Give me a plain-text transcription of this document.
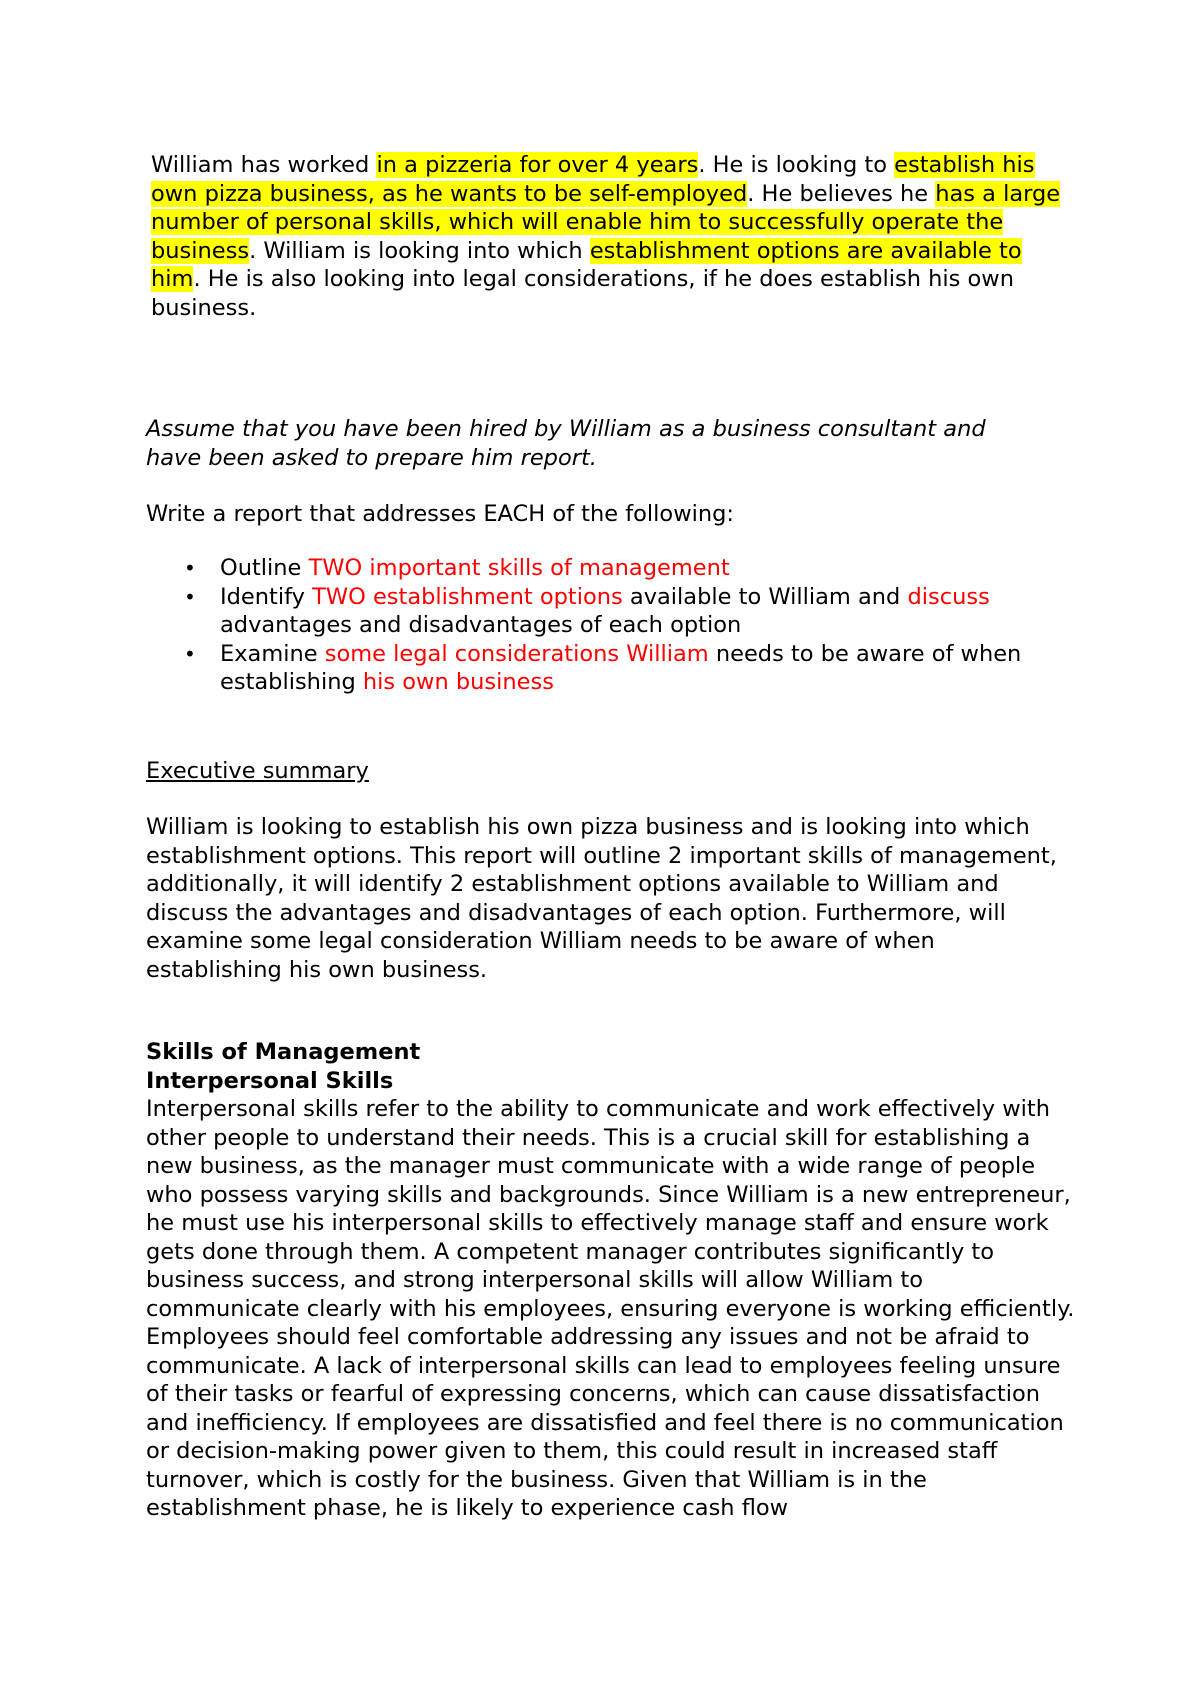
William has worked in a pizzeria for over 4 years. He is looking to establish his own pizza business, as he wants to be self-employed. He believes he has a large number of personal skills, which will enable him to successfully operate the business. William is looking into which establishment options are available to him. He is also looking into legal considerations, if he does establish his own business.

Assume that you have been hired by William as a business consultant and
have been asked to prepare him report.

Write a report that addresses EACH of the following:

• Outline TWO important skills of management
• Identify TWO establishment options available to William and discuss advantages and disadvantages of each option
• Examine some legal considerations William needs to be aware of when establishing his own business

Executive summary

William is looking to establish his own pizza business and is looking into which establishment options. This report will outline 2 important skills of management, additionally, it will identify 2 establishment options available to William and discuss the advantages and disadvantages of each option. Furthermore, will examine some legal consideration William needs to be aware of when establishing his own business.

Skills of Management
Interpersonal Skills

Interpersonal skills refer to the ability to communicate and work effectively with other people to understand their needs. This is a crucial skill for establishing a new business, as the manager must communicate with a wide range of people who possess varying skills and backgrounds. Since William is a new entrepreneur, he must use his interpersonal skills to effectively manage staff and ensure work gets done through them. A competent manager contributes significantly to business success, and strong interpersonal skills will allow William to communicate clearly with his employees, ensuring everyone is working efficiently. Employees should feel comfortable addressing any issues and not be afraid to communicate. A lack of interpersonal skills can lead to employees feeling unsure of their tasks or fearful of expressing concerns, which can cause dissatisfaction and inefficiency. If employees are dissatisfied and feel there is no communication or decision-making power given to them, this could result in increased staff turnover, which is costly for the business. Given that William is in the establishment phase, he is likely to experience cash flow
